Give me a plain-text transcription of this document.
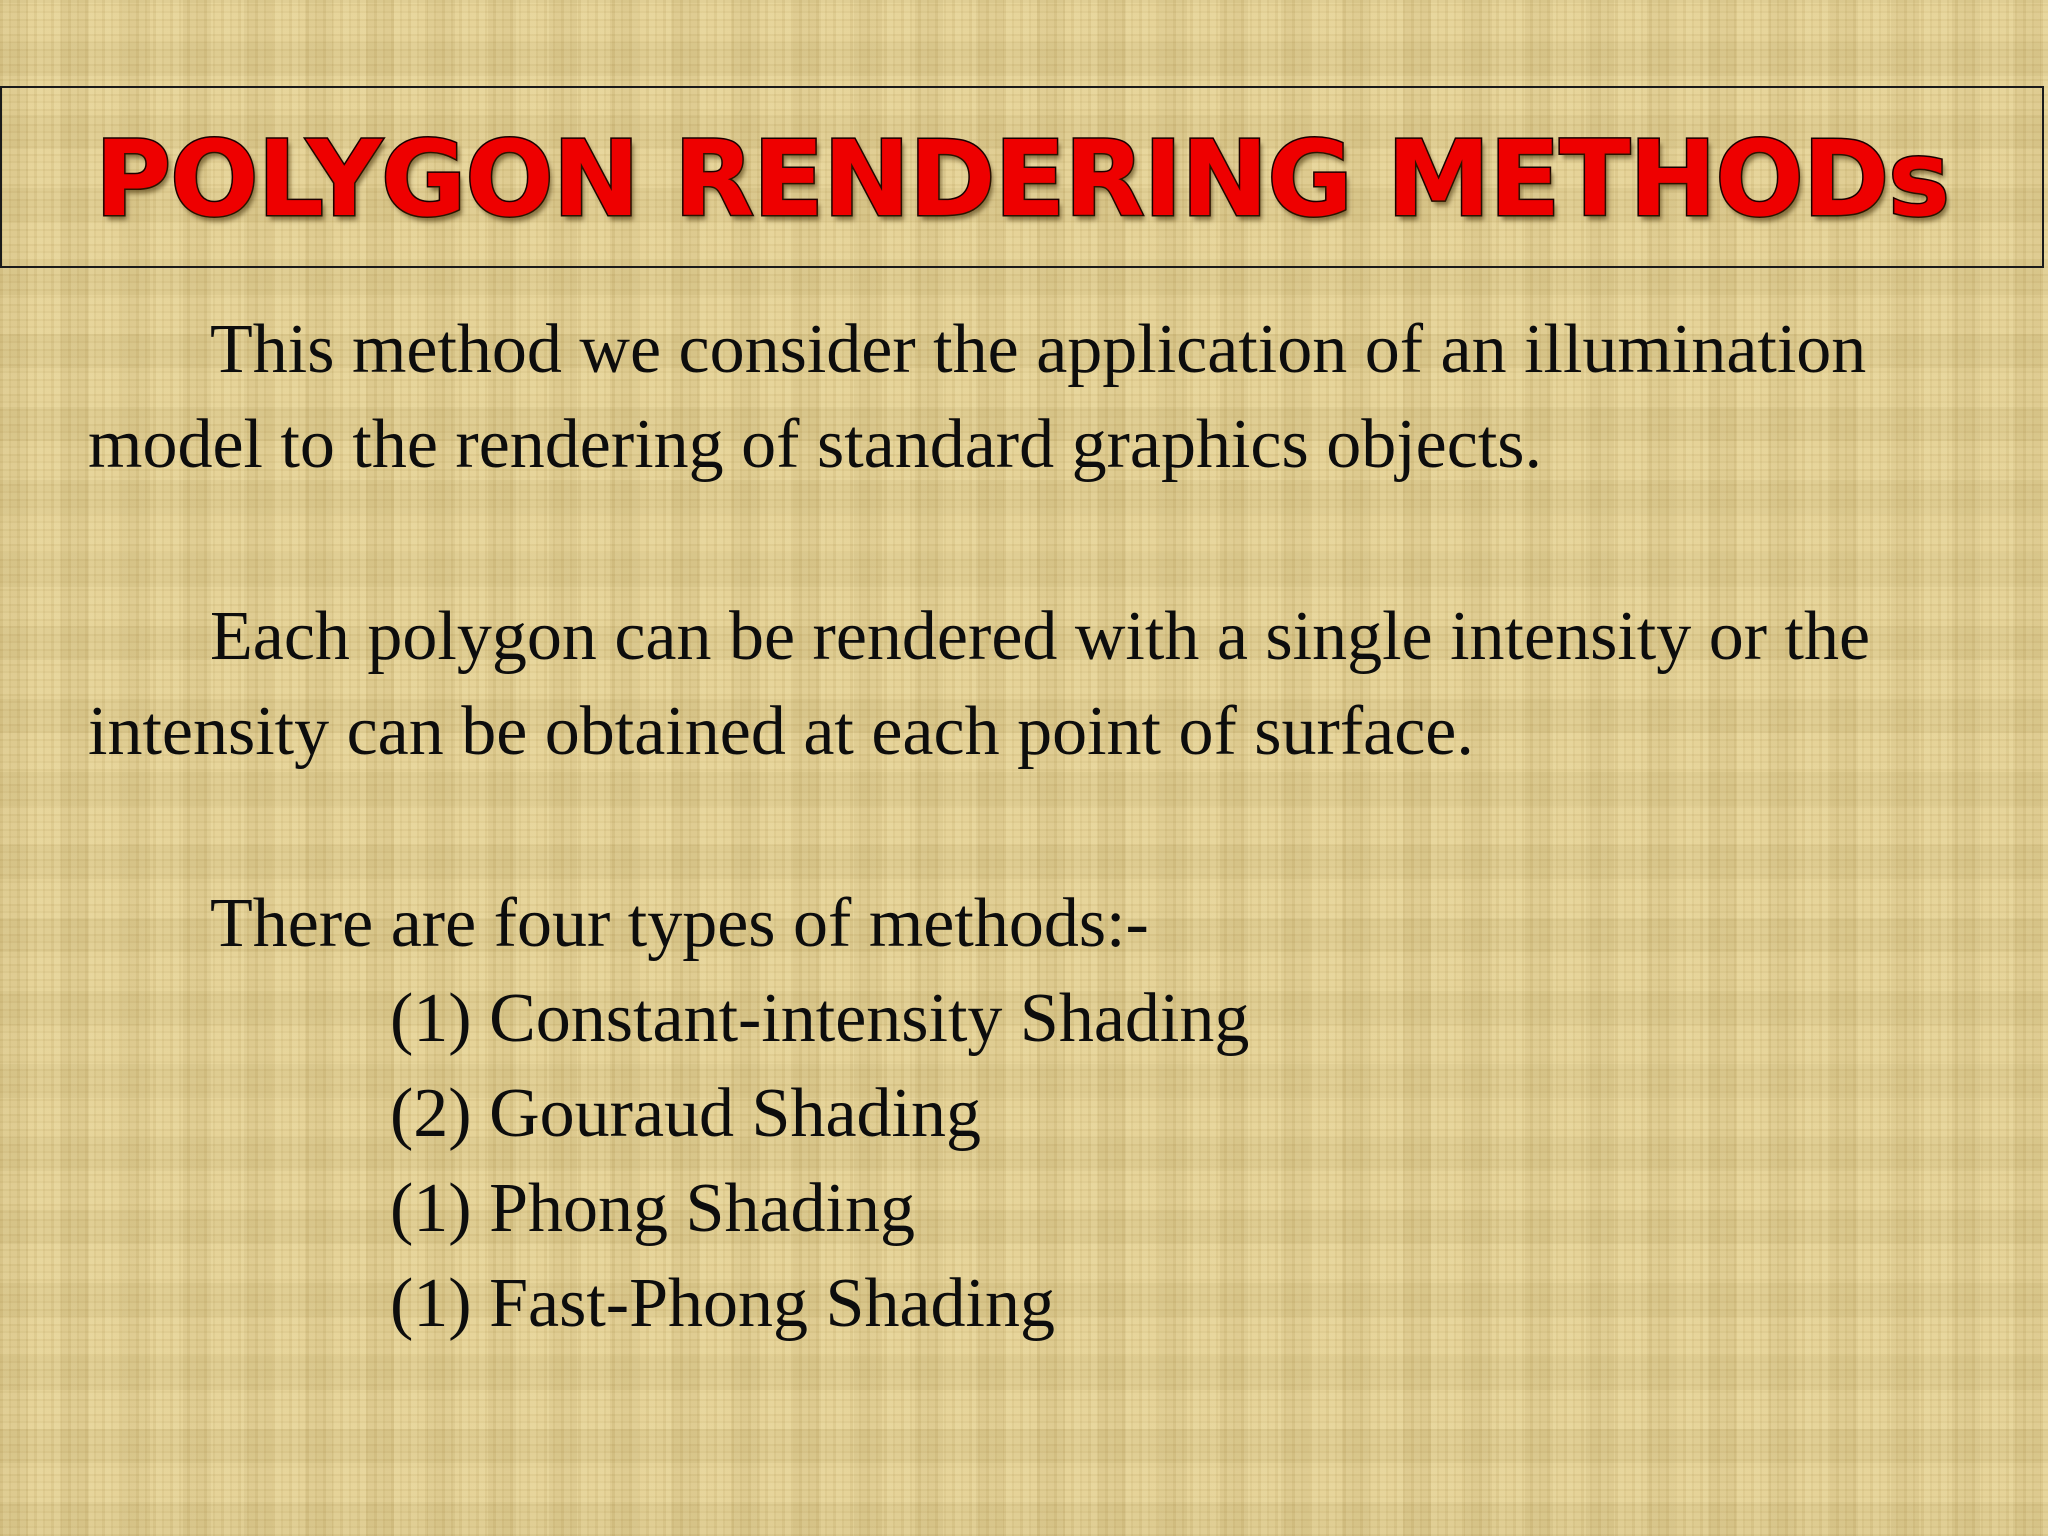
POLYGON RENDERING METHODs

This method we consider the application of an illumination model to the rendering of standard graphics objects.

Each polygon can be rendered with a single intensity or the intensity can be obtained at each point of surface.

There are four types of methods:-

(1) Constant-intensity Shading
(2) Gouraud Shading
(1) Phong Shading
(1) Fast-Phong Shading
